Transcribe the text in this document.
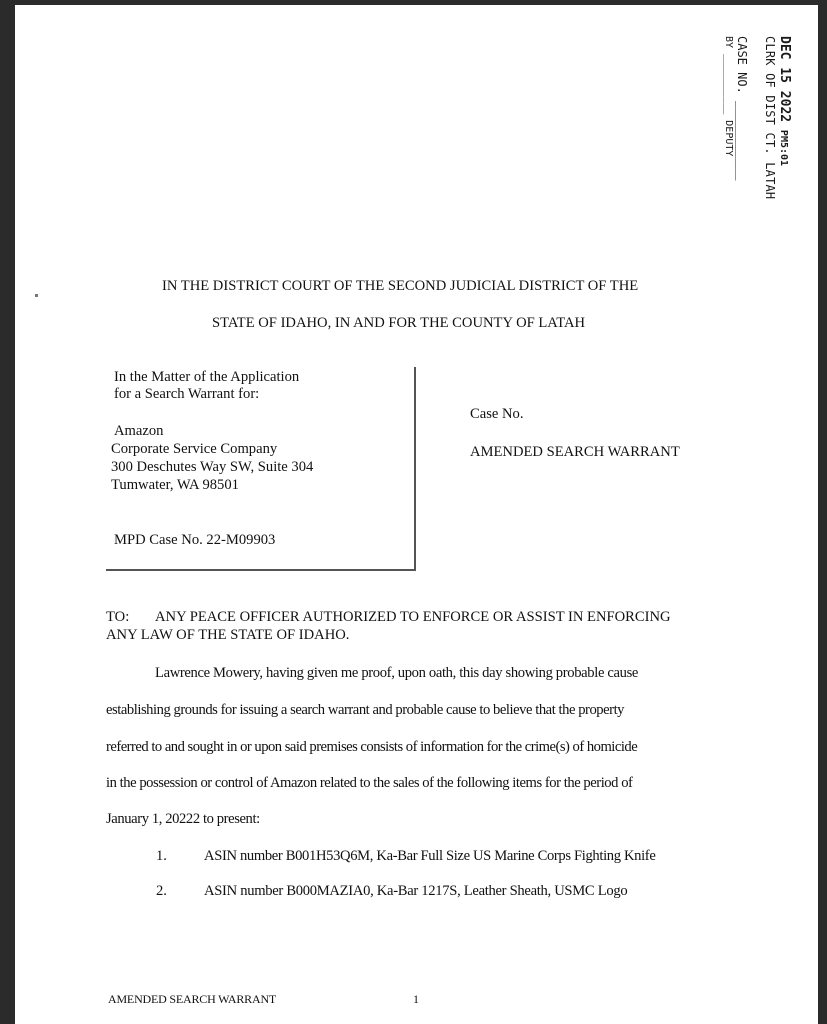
DEC 15 2022 PM5:01
CLRK OF DIST CT. LATAH
CASE NO. ___________
BY __________ DEPUTY
IN THE DISTRICT COURT OF THE SECOND JUDICIAL DISTRICT OF THE
STATE OF IDAHO, IN AND FOR THE COUNTY OF LATAH
In the Matter of the Application
for a Search Warrant for:
Amazon
Corporate Service Company
300 Deschutes Way SW, Suite 304
Tumwater, WA 98501
MPD Case No. 22-M09903
Case No.
AMENDED SEARCH WARRANT
TO: ANY PEACE OFFICER AUTHORIZED TO ENFORCE OR ASSIST IN ENFORCING
ANY LAW OF THE STATE OF IDAHO.
Lawrence Mowery, having given me proof, upon oath, this day showing probable cause
establishing grounds for issuing a search warrant and probable cause to believe that the property
referred to and sought in or upon said premises consists of information for the crime(s) of homicide
in the possession or control of Amazon related to the sales of the following items for the period of
January 1, 20222 to present:
1.	ASIN number B001H53Q6M, Ka-Bar Full Size US Marine Corps Fighting Knife
2.	ASIN number B000MAZIA0, Ka-Bar 1217S, Leather Sheath, USMC Logo
AMENDED SEARCH WARRANT	1
